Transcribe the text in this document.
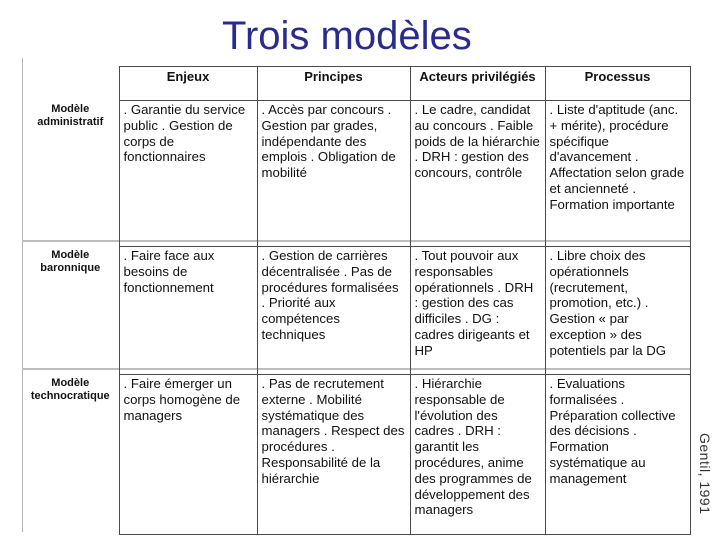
Trois modèles
	Enjeux	Principes	Acteurs privilégiés	Processus
Modèle administratif	. Garantie du service public . Gestion de corps de fonctionnaires	. Accès par concours . Gestion par grades, indépendante des emplois . Obligation de mobilité	. Le cadre, candidat au concours . Faible poids de la hiérarchie . DRH : gestion des concours, contrôle	. Liste d'aptitude (anc. + mérite), procédure spécifique d'avancement . Affectation selon grade et ancienneté . Formation importante
Modèle baronnique	. Faire face aux besoins de fonctionnement	. Gestion de carrières décentralisée . Pas de procédures formalisées . Priorité aux compétences techniques	. Tout pouvoir aux responsables opérationnels . DRH : gestion des cas difficiles . DG : cadres dirigeants et HP	. Libre choix des opérationnels (recrutement, promotion, etc.) . Gestion « par exception » des potentiels par la DG
Modèle technocratique	. Faire émerger un corps homogène de managers	. Pas de recrutement externe . Mobilité systématique des managers . Respect des procédures . Responsabilité de la hiérarchie	. Hiérarchie responsable de l'évolution des cadres . DRH : garantit les procédures, anime des programmes de développement des managers	. Evaluations formalisées . Préparation collective des décisions . Formation systématique au management	Gentil, 1991
